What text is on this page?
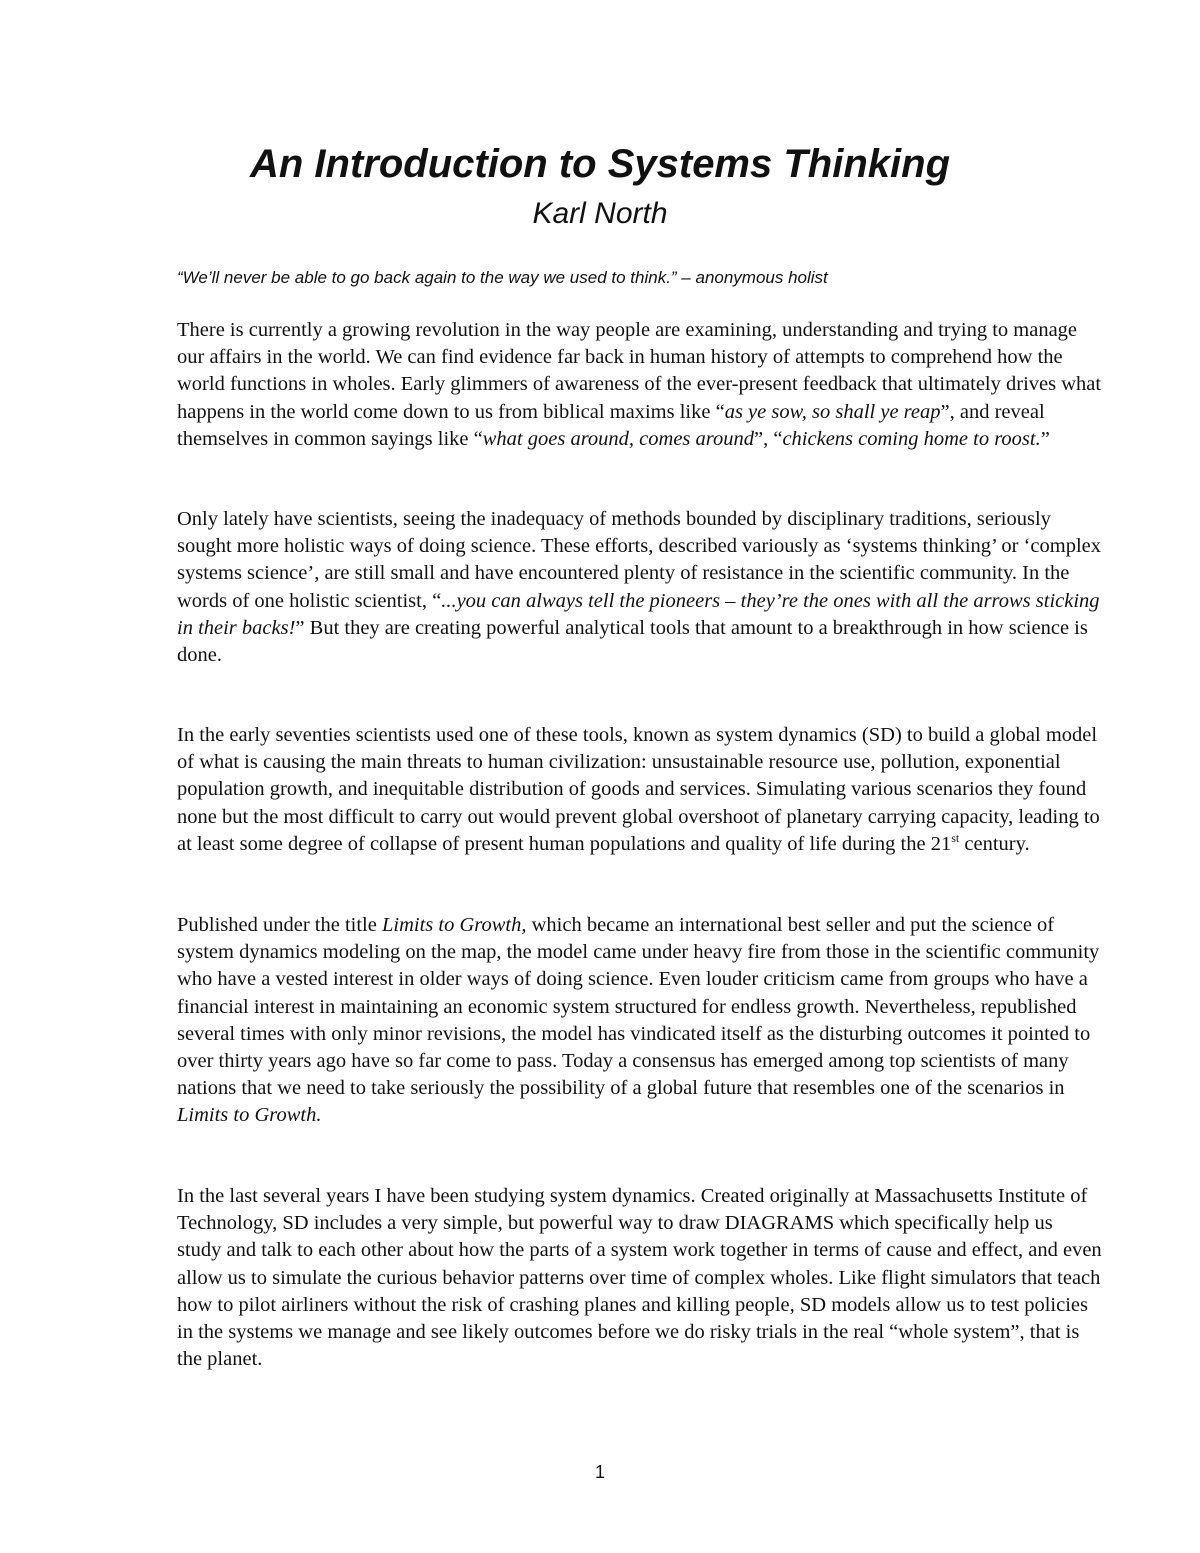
An Introduction to Systems Thinking

Karl North

“We’ll never be able to go back again to the way we used to think.” – anonymous holist

There is currently a growing revolution in the way people are examining, understanding and trying to manage our affairs in the world. We can find evidence far back in human history of attempts to comprehend how the world functions in wholes. Early glimmers of awareness of the ever-present feedback that ultimately drives what happens in the world come down to us from biblical maxims like “as ye sow, so shall ye reap”, and reveal themselves in common sayings like “what goes around, comes around”, “chickens coming home to roost.”

Only lately have scientists, seeing the inadequacy of methods bounded by disciplinary traditions, seriously sought more holistic ways of doing science. These efforts, described variously as ‘systems thinking’ or ‘complex systems science’, are still small and have encountered plenty of resistance in the scientific community. In the words of one holistic scientist, “...you can always tell the pioneers – they’re the ones with all the arrows sticking in their backs!” But they are creating powerful analytical tools that amount to a breakthrough in how science is done.

In the early seventies scientists used one of these tools, known as system dynamics (SD) to build a global model of what is causing the main threats to human civilization: unsustainable resource use, pollution, exponential population growth, and inequitable distribution of goods and services. Simulating various scenarios they found none but the most difficult to carry out would prevent global overshoot of planetary carrying capacity, leading to at least some degree of collapse of present human populations and quality of life during the 21st century.

Published under the title Limits to Growth, which became an international best seller and put the science of system dynamics modeling on the map, the model came under heavy fire from those in the scientific community who have a vested interest in older ways of doing science. Even louder criticism came from groups who have a financial interest in maintaining an economic system structured for endless growth. Nevertheless, republished several times with only minor revisions, the model has vindicated itself as the disturbing outcomes it pointed to over thirty years ago have so far come to pass. Today a consensus has emerged among top scientists of many nations that we need to take seriously the possibility of a global future that resembles one of the scenarios in Limits to Growth.

In the last several years I have been studying system dynamics. Created originally at Massachusetts Institute of Technology, SD includes a very simple, but powerful way to draw DIAGRAMS which specifically help us study and talk to each other about how the parts of a system work together in terms of cause and effect, and even allow us to simulate the curious behavior patterns over time of complex wholes. Like flight simulators that teach how to pilot airliners without the risk of crashing planes and killing people, SD models allow us to test policies in the systems we manage and see likely outcomes before we do risky trials in the real “whole system”, that is the planet.

1
